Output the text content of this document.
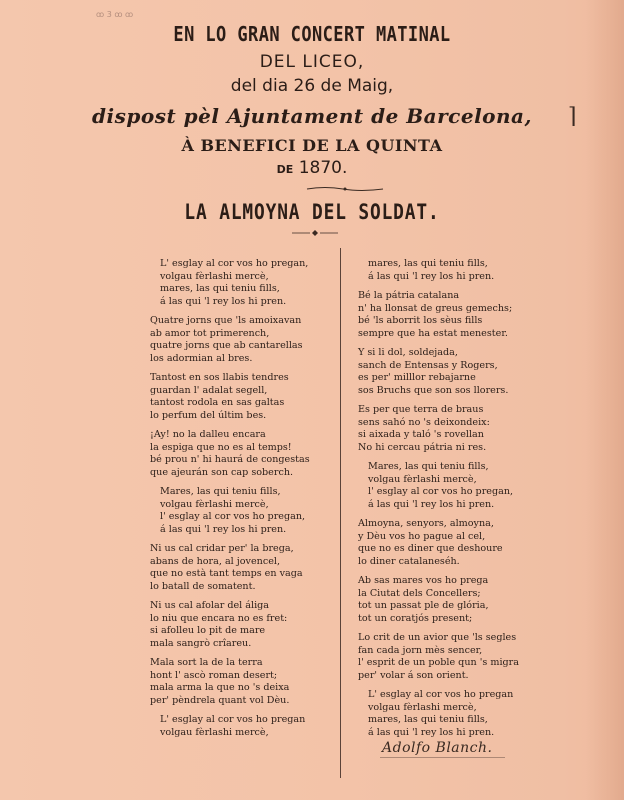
ꝏ 3 ꝏ ꝏ
EN LO GRAN CONCERT MATINAL
DEL LICEO,
del dia 26 de Maig,
dispost pèl Ajuntament de Barcelona,	⌉
À BENEFICI DE LA QUINTA
DE 1870.
LA ALMOYNA DEL SOLDAT.
L' esglay al cor vos ho pregan,
volgau fèrlashi mercè,
mares, las qui teniu fills,
á las qui 'l rey los hi pren.
Quatre jorns que 'ls amoixavan
ab amor tot primerench,
quatre jorns que ab cantarellas
los adormian al bres.
Tantost en sos llabis tendres
guardan l' adalat segell,
tantost rodola en sas galtas
lo perfum del últim bes.
¡Ay! no la dalleu encara
la espiga que no es al temps!
bé prou n' hi haurá de congestas
que ajeurán son cap soberch.
Mares, las qui teniu fills,
volgau fèrlashi mercè,
l' esglay al cor vos ho pregan,
á las qui 'l rey los hi pren.
Ni us cal cridar per' la brega,
abans de hora, al jovencel,
que no està tant temps en vaga
lo batall de somatent.
Ni us cal afolar del áliga
lo niu que encara no es fret:
si afolleu lo pit de mare
mala sangrò crîareu.
Mala sort la de la terra
hont l' ascò roman desert;
mala arma la que no 's deixa
per' pèndrela quant vol Dèu.
L' esglay al cor vos ho pregan
volgau fèrlashi mercè,
mares, las qui teniu fills,
á las qui 'l rey los hi pren.
Bé la pátria catalana
n' ha llonsat de greus gemechs;
bé 'ls aborrit los sèus fills
sempre que ha estat menester.
Y si li dol, soldejada,
sanch de Entensas y Rogers,
es per' milllor rebajarne
sos Bruchs que son sos llorers.
Es per que terra de braus
sens sahó no 's deixondeix:
si aixada y taló 's rovellan
No hi cercau pátria ni res.
Mares, las qui teniu fills,
volgau fèrlashi mercè,
l' esglay al cor vos ho pregan,
á las qui 'l rey los hi pren.
Almoyna, senyors, almoyna,
y Dèu vos ho pague al cel,
que no es diner que deshoure
lo diner catalaneséh.
Ab sas mares vos ho prega
la Ciutat dels Concellers;
tot un passat ple de glória,
tot un coratjós present;
Lo crit de un avior que 'ls segles
fan cada jorn mès sencer,
l' esprit de un poble qun 's migra
per' volar á son orient.
L' esglay al cor vos ho pregan
volgau fèrlashi mercè,
mares, las qui teniu fills,
á las qui 'l rey los hi pren.
Adolfo Blanch.
